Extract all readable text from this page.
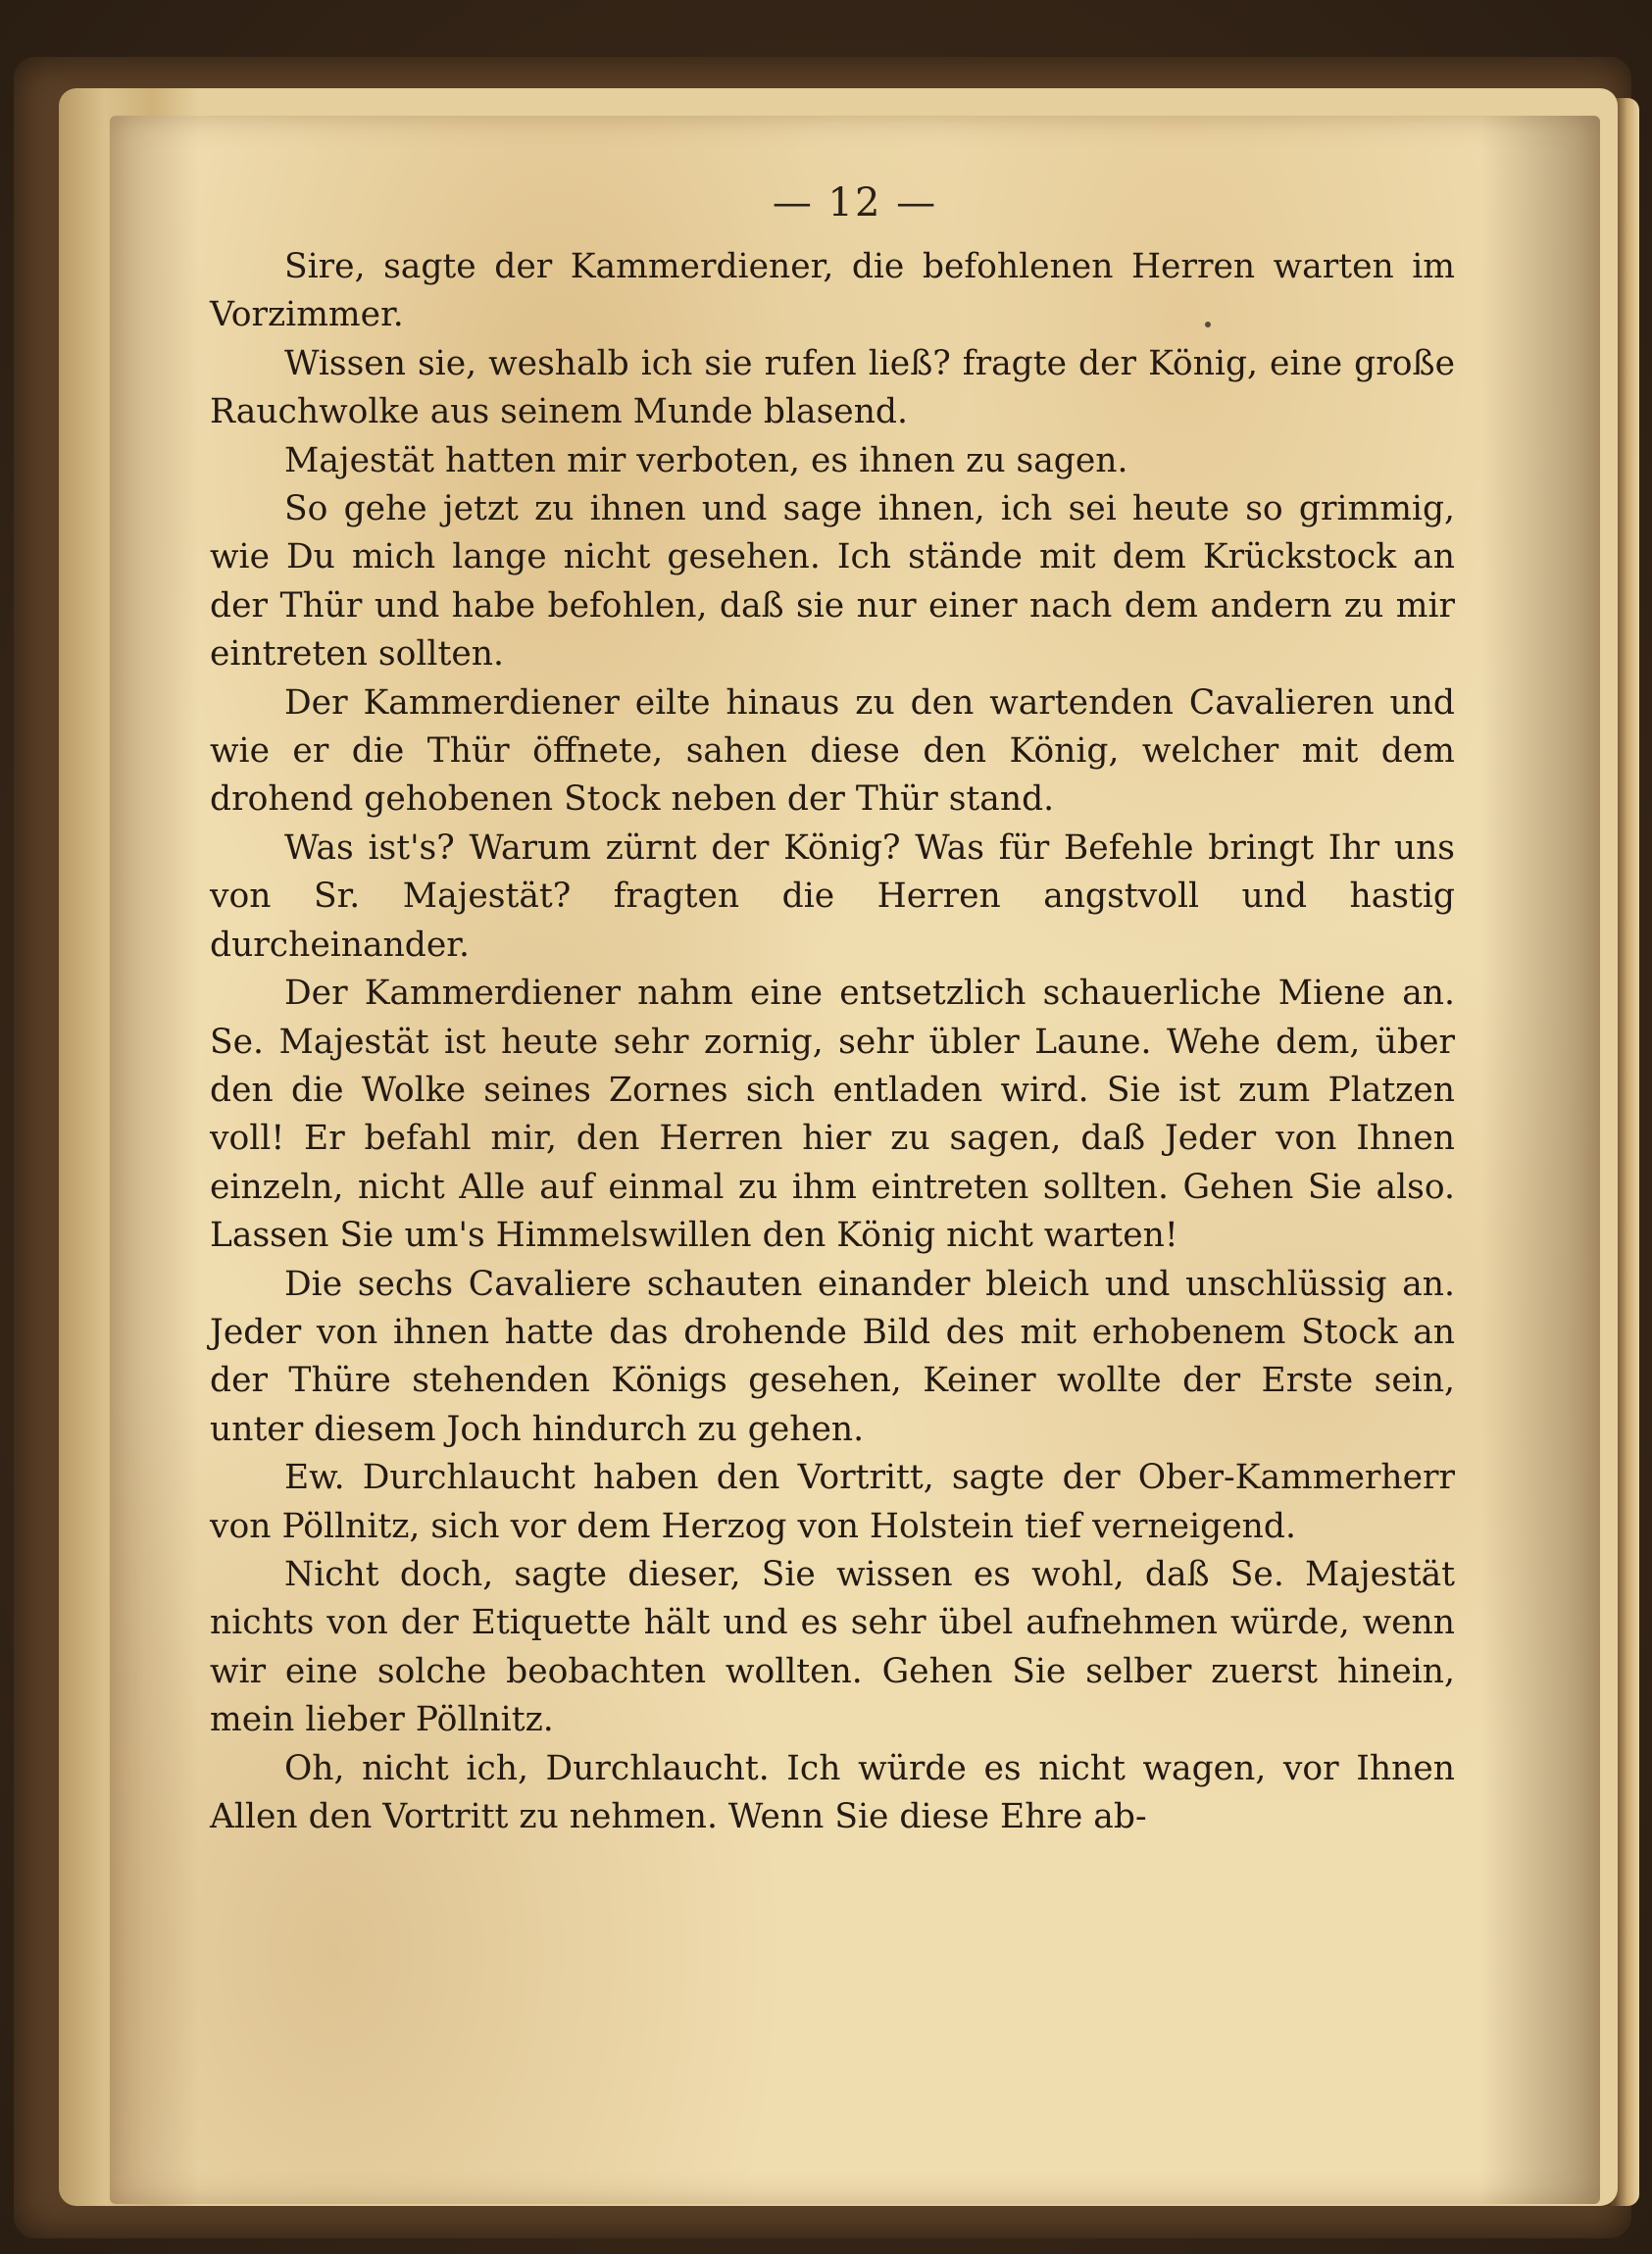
— 12 —

Sire, sagte der Kammerdiener, die befohlenen Herren warten im Vorzimmer.

Wissen sie, weshalb ich sie rufen ließ? fragte der König, eine große Rauchwolke aus seinem Munde blasend.

Majestät hatten mir verboten, es ihnen zu sagen.

So gehe jetzt zu ihnen und sage ihnen, ich sei heute so grimmig, wie Du mich lange nicht gesehen. Ich stände mit dem Krückstock an der Thür und habe befohlen, daß sie nur einer nach dem andern zu mir eintreten sollten.

Der Kammerdiener eilte hinaus zu den wartenden Cavalieren und wie er die Thür öffnete, sahen diese den König, welcher mit dem drohend gehobenen Stock neben der Thür stand.

Was ist's? Warum zürnt der König? Was für Befehle bringt Ihr uns von Sr. Majestät? fragten die Herren angstvoll und hastig durcheinander.

Der Kammerdiener nahm eine entsetzlich schauerliche Miene an. Se. Majestät ist heute sehr zornig, sehr übler Laune. Wehe dem, über den die Wolke seines Zornes sich entladen wird. Sie ist zum Platzen voll! Er befahl mir, den Herren hier zu sagen, daß Jeder von Ihnen einzeln, nicht Alle auf einmal zu ihm eintreten sollten. Gehen Sie also. Lassen Sie um's Himmelswillen den König nicht warten!

Die sechs Cavaliere schauten einander bleich und unschlüssig an. Jeder von ihnen hatte das drohende Bild des mit erhobenem Stock an der Thüre stehenden Königs gesehen, Keiner wollte der Erste sein, unter diesem Joch hindurch zu gehen.

Ew. Durchlaucht haben den Vortritt, sagte der Ober-Kammerherr von Pöllnitz, sich vor dem Herzog von Holstein tief verneigend.

Nicht doch, sagte dieser, Sie wissen es wohl, daß Se. Majestät nichts von der Etiquette hält und es sehr übel aufnehmen würde, wenn wir eine solche beobachten wollten. Gehen Sie selber zuerst hinein, mein lieber Pöllnitz.

Oh, nicht ich, Durchlaucht. Ich würde es nicht wagen, vor Ihnen Allen den Vortritt zu nehmen. Wenn Sie diese Ehre ab-
